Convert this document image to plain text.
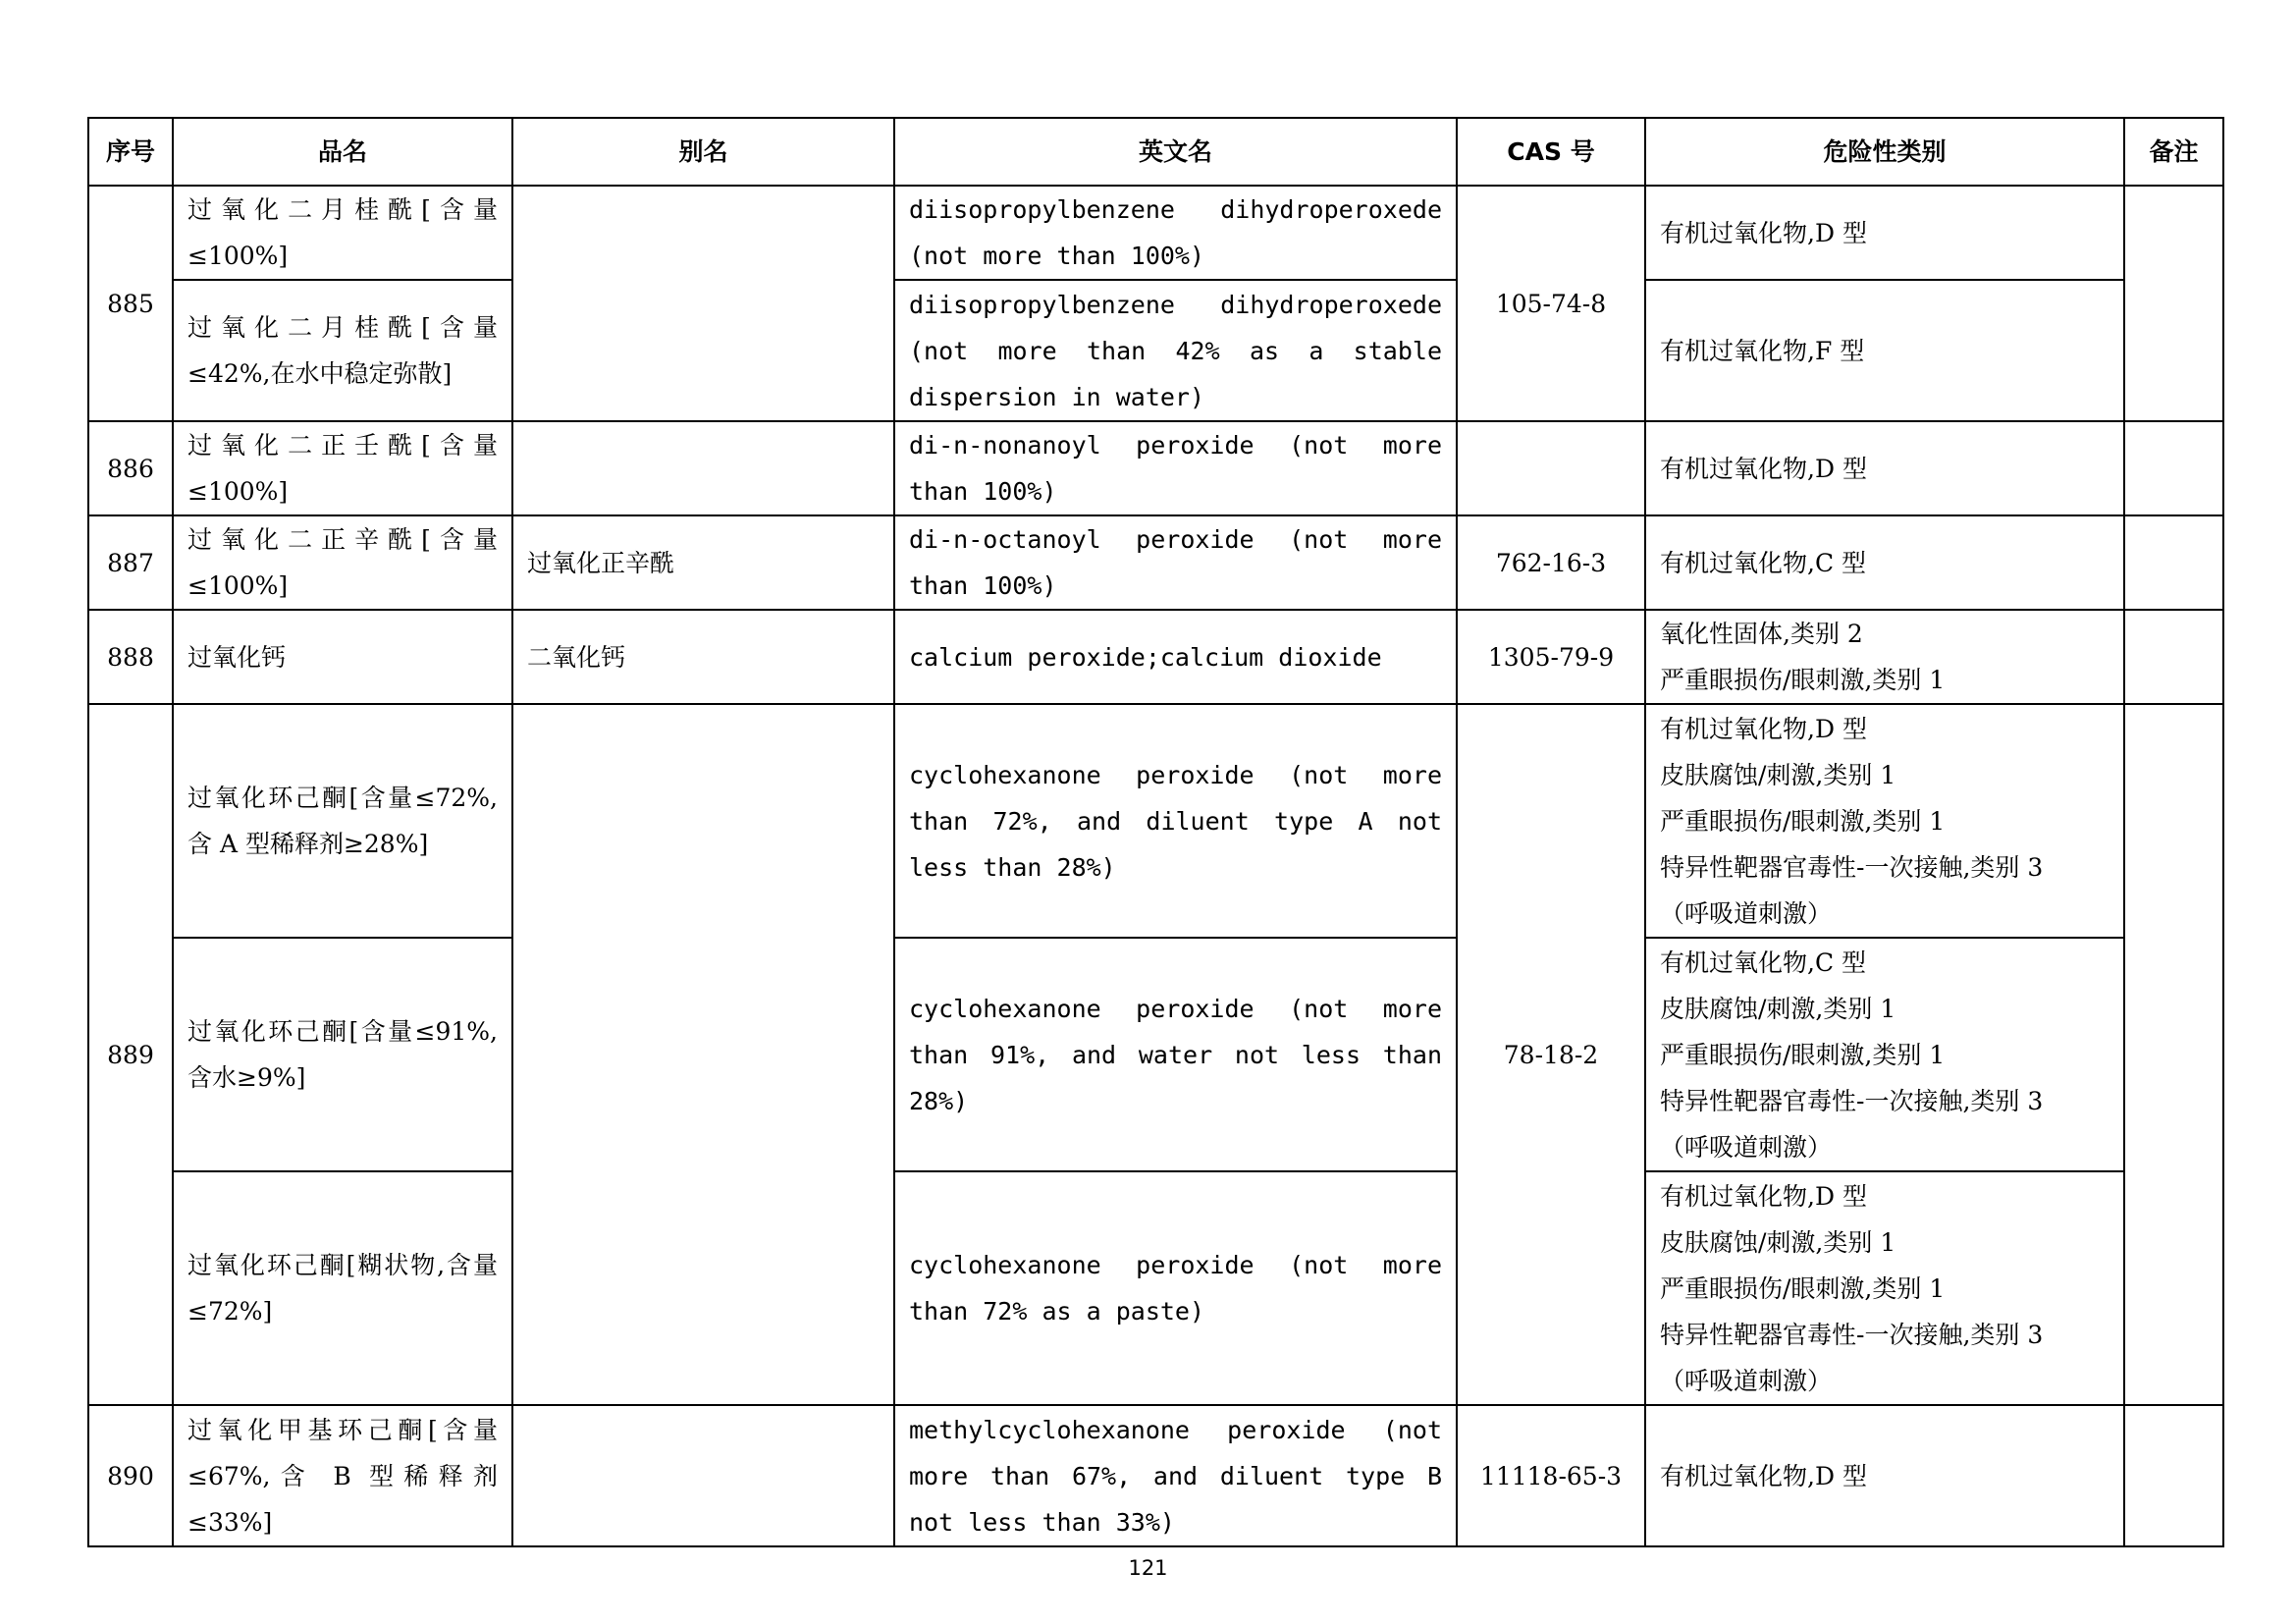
序号	品名	别名	英文名	CAS 号	危险性类别	备注
885	过氧化二月桂酰[含量≤100%]		diisopropylbenzene dihydroperoxede (not more than 100%)	105-74-8	有机过氧化物,D 型	

	过氧化二月桂酰[含量≤42%,在水中稳定弥散]		diisopropylbenzene dihydroperoxede (not more than 42% as a stable dispersion in water)		有机过氧化物,F 型	

886	过氧化二正壬酰[含量≤100%]		di-n-nonanoyl peroxide (not more than 100%)		有机过氧化物,D 型	

887	过氧化二正辛酰[含量≤100%]	过氧化正辛酰	di-n-octanoyl peroxide (not more than 100%)	762-16-3	有机过氧化物,C 型	

888	过氧化钙	二氧化钙	calcium peroxide;calcium dioxide	1305-79-9	氧化性固体,类别 2
严重眼损伤/眼刺激,类别 1	

889	过氧化环己酮[含量≤72%,含 A 型稀释剂≥28%]		cyclohexanone peroxide (not more than 72%, and diluent type A not less than 28%)	78-18-2	有机过氧化物,D 型
皮肤腐蚀/刺激,类别 1
严重眼损伤/眼刺激,类别 1
特异性靶器官毒性-一次接触,类别 3
（呼吸道刺激）	

	过氧化环己酮[含量≤91%,含水≥9%]		cyclohexanone peroxide (not more than 91%, and water not less than 28%)		有机过氧化物,C 型
皮肤腐蚀/刺激,类别 1
严重眼损伤/眼刺激,类别 1
特异性靶器官毒性-一次接触,类别 3
（呼吸道刺激）	

	过氧化环己酮[糊状物,含量≤72%]		cyclohexanone peroxide (not more than 72% as a paste)		有机过氧化物,D 型
皮肤腐蚀/刺激,类别 1
严重眼损伤/眼刺激,类别 1
特异性靶器官毒性-一次接触,类别 3
（呼吸道刺激）	

890	过氧化甲基环己酮[含量≤67%,含 B 型稀释剂≤33%]		methylcyclohexanone peroxide (not more than 67%, and diluent type B not less than 33%)	11118-65-3	有机过氧化物,D 型	

121
